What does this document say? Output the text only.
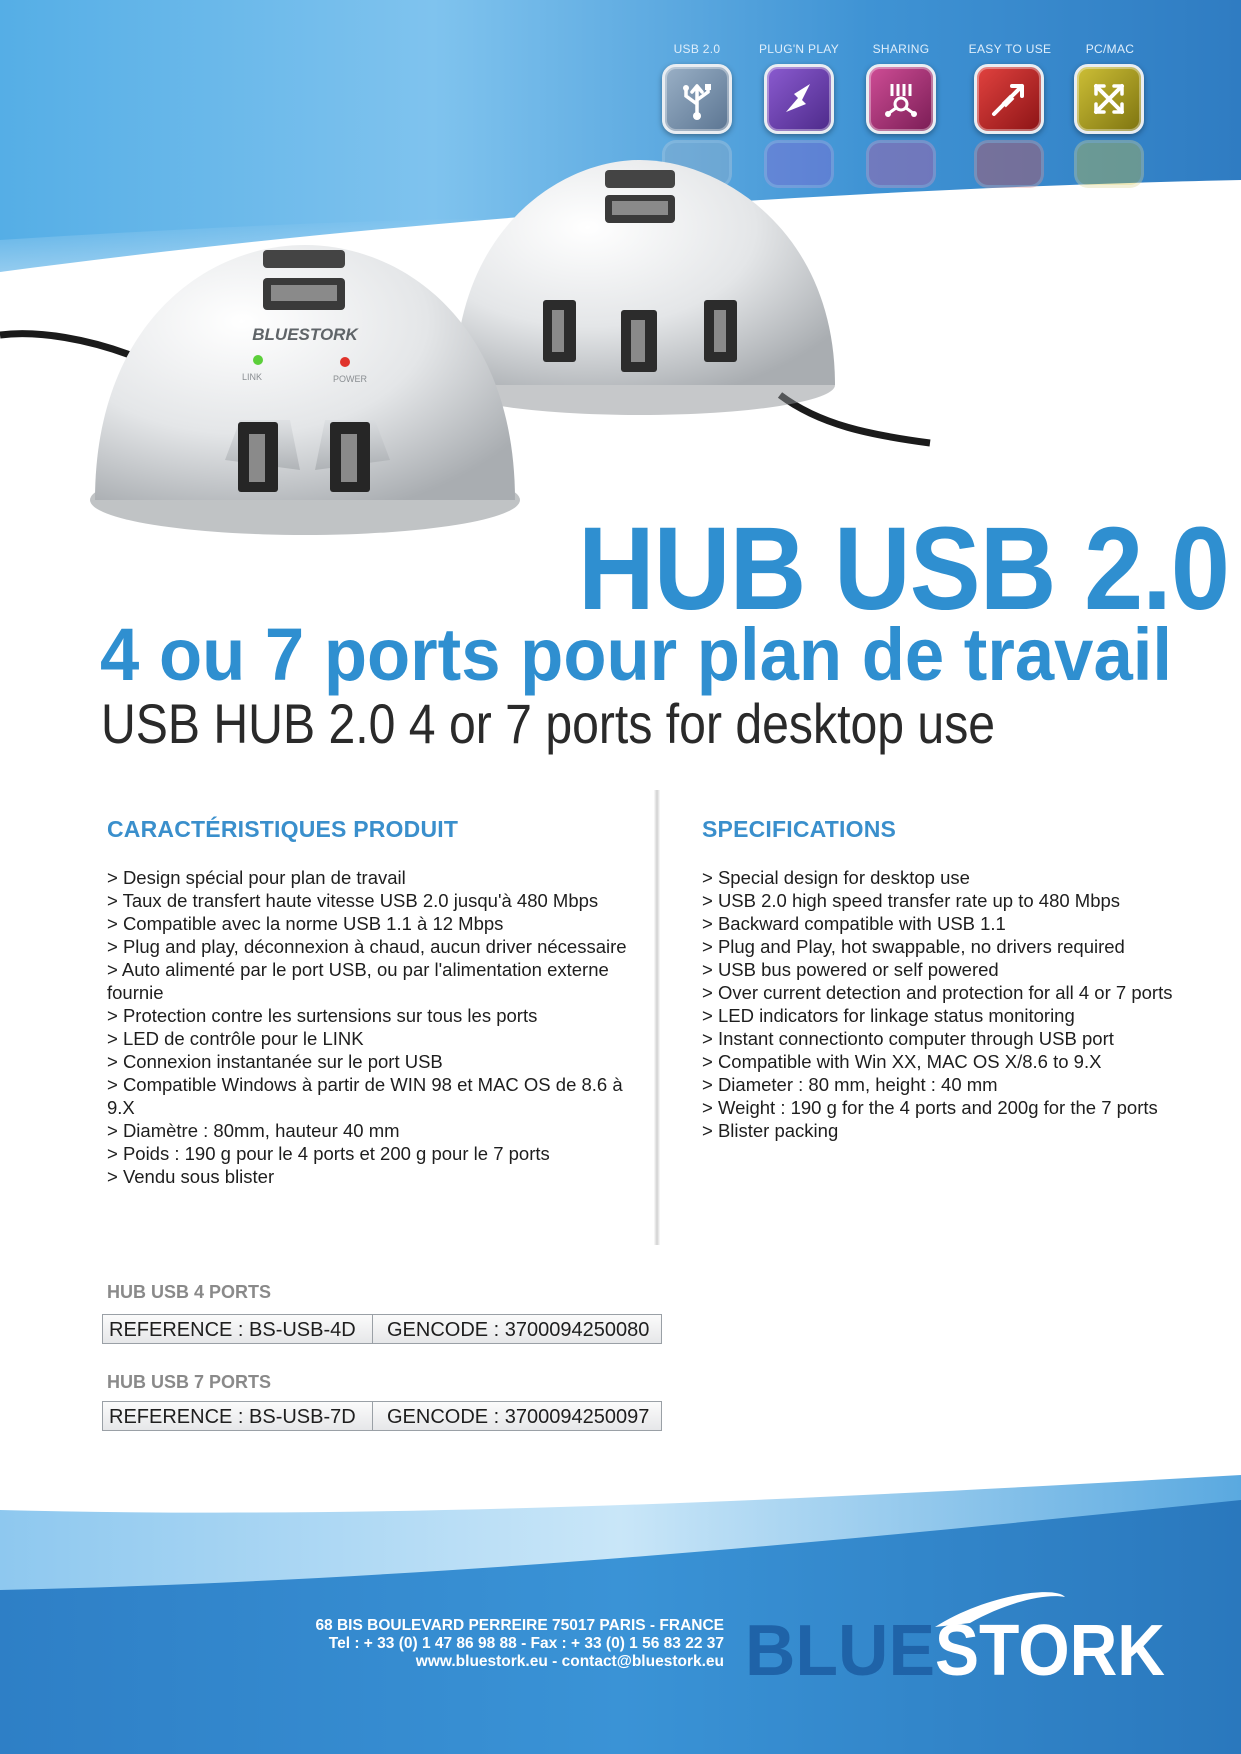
USB 2.0	PLUG'N PLAY	SHARING	EASY TO USE	PC/MAC
BLUESTORK
LINK	POWER
HUB USB 2.0
4 ou 7 ports pour plan de travail
USB HUB 2.0 4 or 7 ports for desktop use
CARACTÉRISTIQUES PRODUIT
> Design spécial pour plan de travail
> Taux de transfert haute vitesse USB 2.0 jusqu'à 480 Mbps
> Compatible avec la norme USB 1.1 à 12 Mbps
> Plug and play, déconnexion à chaud, aucun driver nécessaire
> Auto alimenté par le port USB, ou par l'alimentation externe fournie
> Protection contre les surtensions sur tous les ports
> LED de contrôle pour le LINK
> Connexion instantanée sur le port USB
> Compatible Windows à partir de WIN 98 et MAC OS de 8.6 à 9.X
> Diamètre : 80mm, hauteur 40 mm
> Poids : 190 g pour le 4 ports et 200 g pour le 7 ports
> Vendu sous blister
SPECIFICATIONS
> Special design for desktop use
> USB 2.0 high speed transfer rate up to 480 Mbps
> Backward compatible with USB 1.1
> Plug and Play, hot swappable, no drivers required
> USB bus powered or self powered
> Over current detection and protection for all 4 or 7 ports
> LED indicators for linkage status monitoring
> Instant connectionto computer through USB port
> Compatible with Win XX, MAC OS X/8.6 to 9.X
> Diameter : 80 mm, height : 40 mm
> Weight : 190 g for the 4 ports and 200g for the 7 ports
> Blister packing
HUB USB 4 PORTS
REFERENCE : BS-USB-4D	GENCODE : 3700094250080
HUB USB 7 PORTS
REFERENCE : BS-USB-7D	GENCODE : 3700094250097
68 BIS BOULEVARD PERREIRE 75017 PARIS - FRANCE
Tel : + 33 (0) 1 47 86 98 88 - Fax : + 33 (0) 1 56 83 22 37
www.bluestork.eu - contact@bluestork.eu BLUE STORK
